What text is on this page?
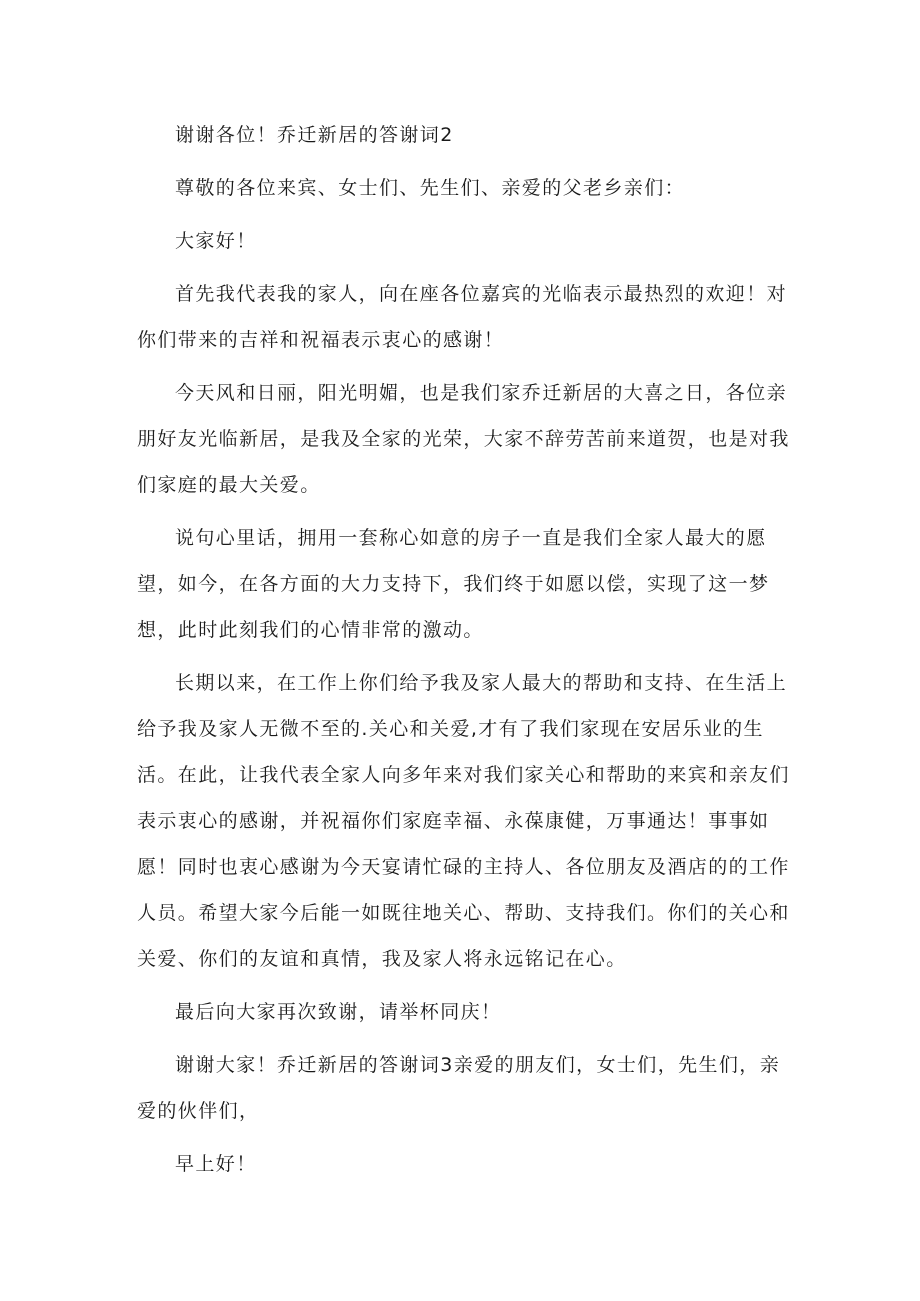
谢谢各位！乔迁新居的答谢词2

尊敬的各位来宾、女士们、先生们、亲爱的父老乡亲们：

大家好！

首先我代表我的家人，向在座各位嘉宾的光临表示最热烈的欢迎！对你们带来的吉祥和祝福表示衷心的感谢！

今天风和日丽，阳光明媚，也是我们家乔迁新居的大喜之日，各位亲朋好友光临新居，是我及全家的光荣，大家不辞劳苦前来道贺，也是对我们家庭的最大关爱。

说句心里话，拥用一套称心如意的房子一直是我们全家人最大的愿望，如今，在各方面的大力支持下，我们终于如愿以偿，实现了这一梦想，此时此刻我们的心情非常的激动。

长期以来，在工作上你们给予我及家人最大的帮助和支持、在生活上给予我及家人无微不至的.关心和关爱,才有了我们家现在安居乐业的生活。在此，让我代表全家人向多年来对我们家关心和帮助的来宾和亲友们表示衷心的感谢，并祝福你们家庭幸福、永葆康健，万事通达！事事如愿！同时也衷心感谢为今天宴请忙碌的主持人、各位朋友及酒店的的工作人员。希望大家今后能一如既往地关心、帮助、支持我们。你们的关心和关爱、你们的友谊和真情，我及家人将永远铭记在心。

最后向大家再次致谢，请举杯同庆！

谢谢大家！乔迁新居的答谢词3亲爱的朋友们，女士们，先生们，亲爱的伙伴们，

早上好！
